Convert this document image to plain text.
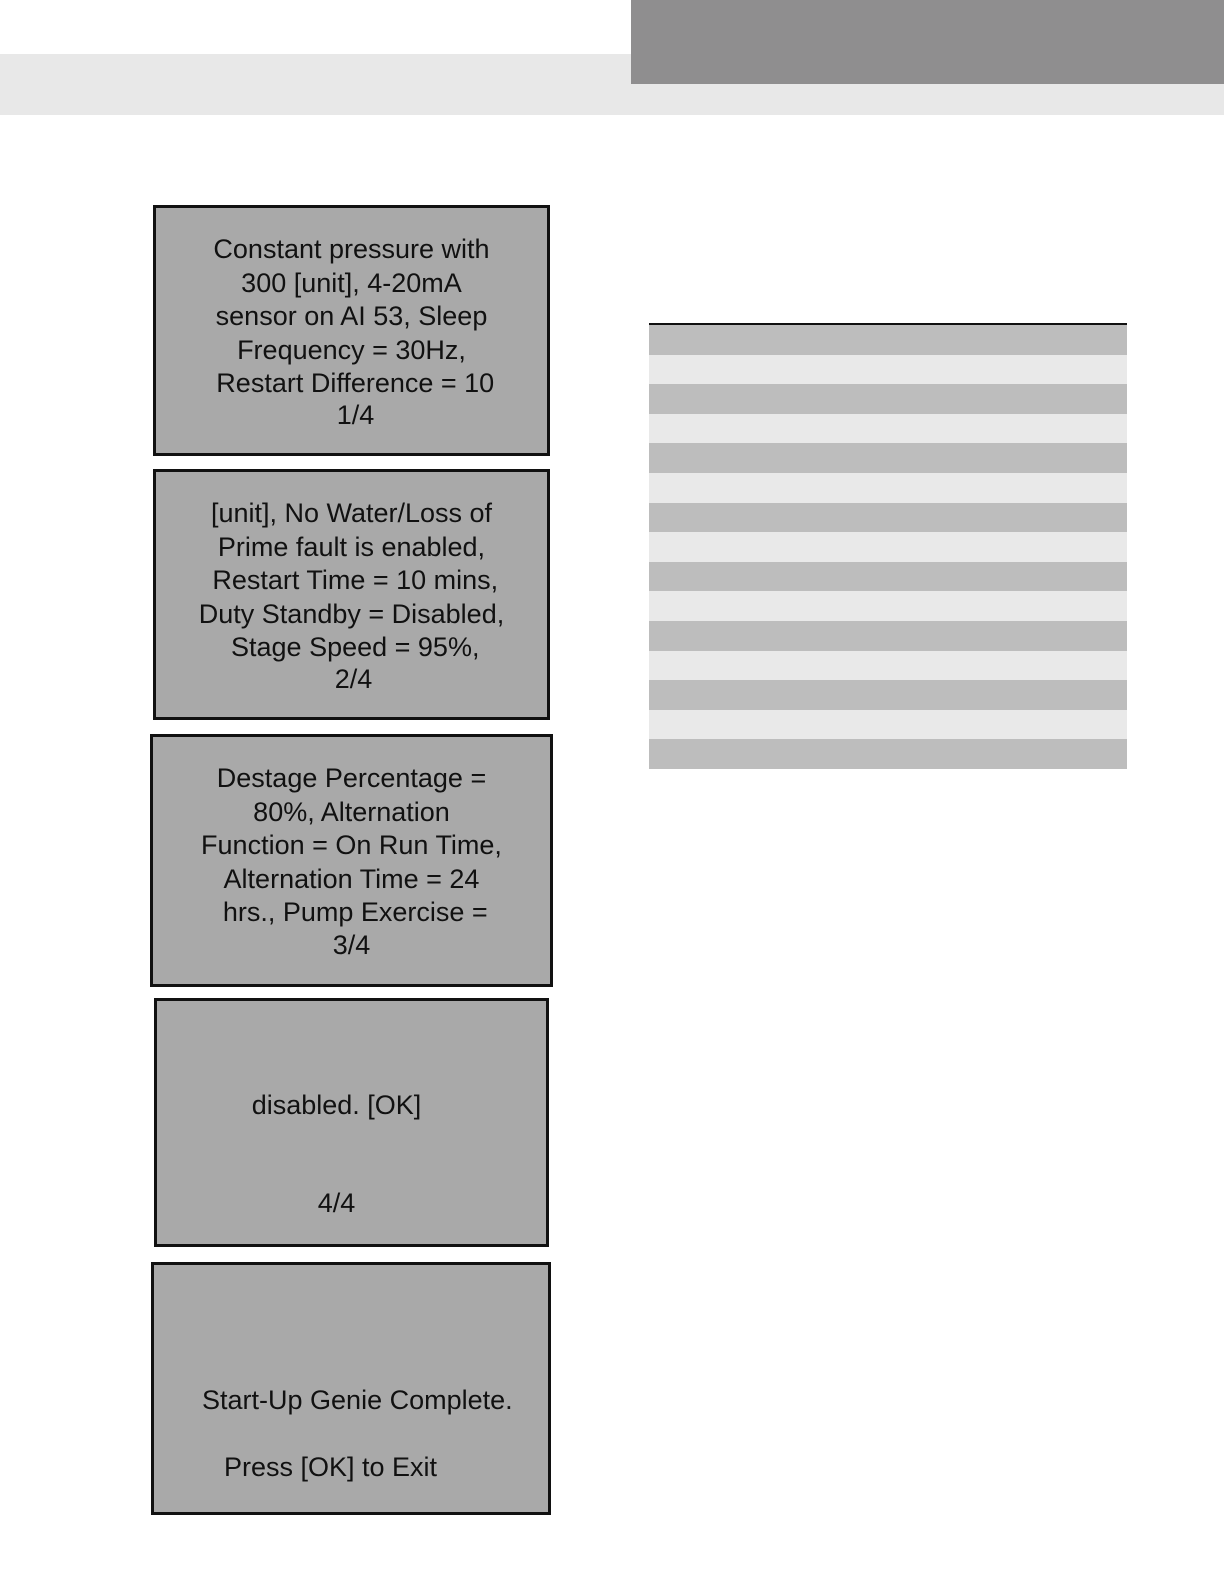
Constant pressure with
300 [unit], 4-20mA
sensor on AI 53, Sleep
Frequency = 30Hz,
Restart Difference = 10
1/4
[unit], No Water/Loss of
Prime fault is enabled,
Restart Time = 10 mins,
Duty Standby = Disabled,
Stage Speed = 95%,
2/4
Destage Percentage =
80%, Alternation
Function = On Run Time,
Alternation Time = 24
hrs., Pump Exercise =
3/4
disabled. [OK]
4/4

Start-Up Genie Complete.

Press [OK] to Exit
